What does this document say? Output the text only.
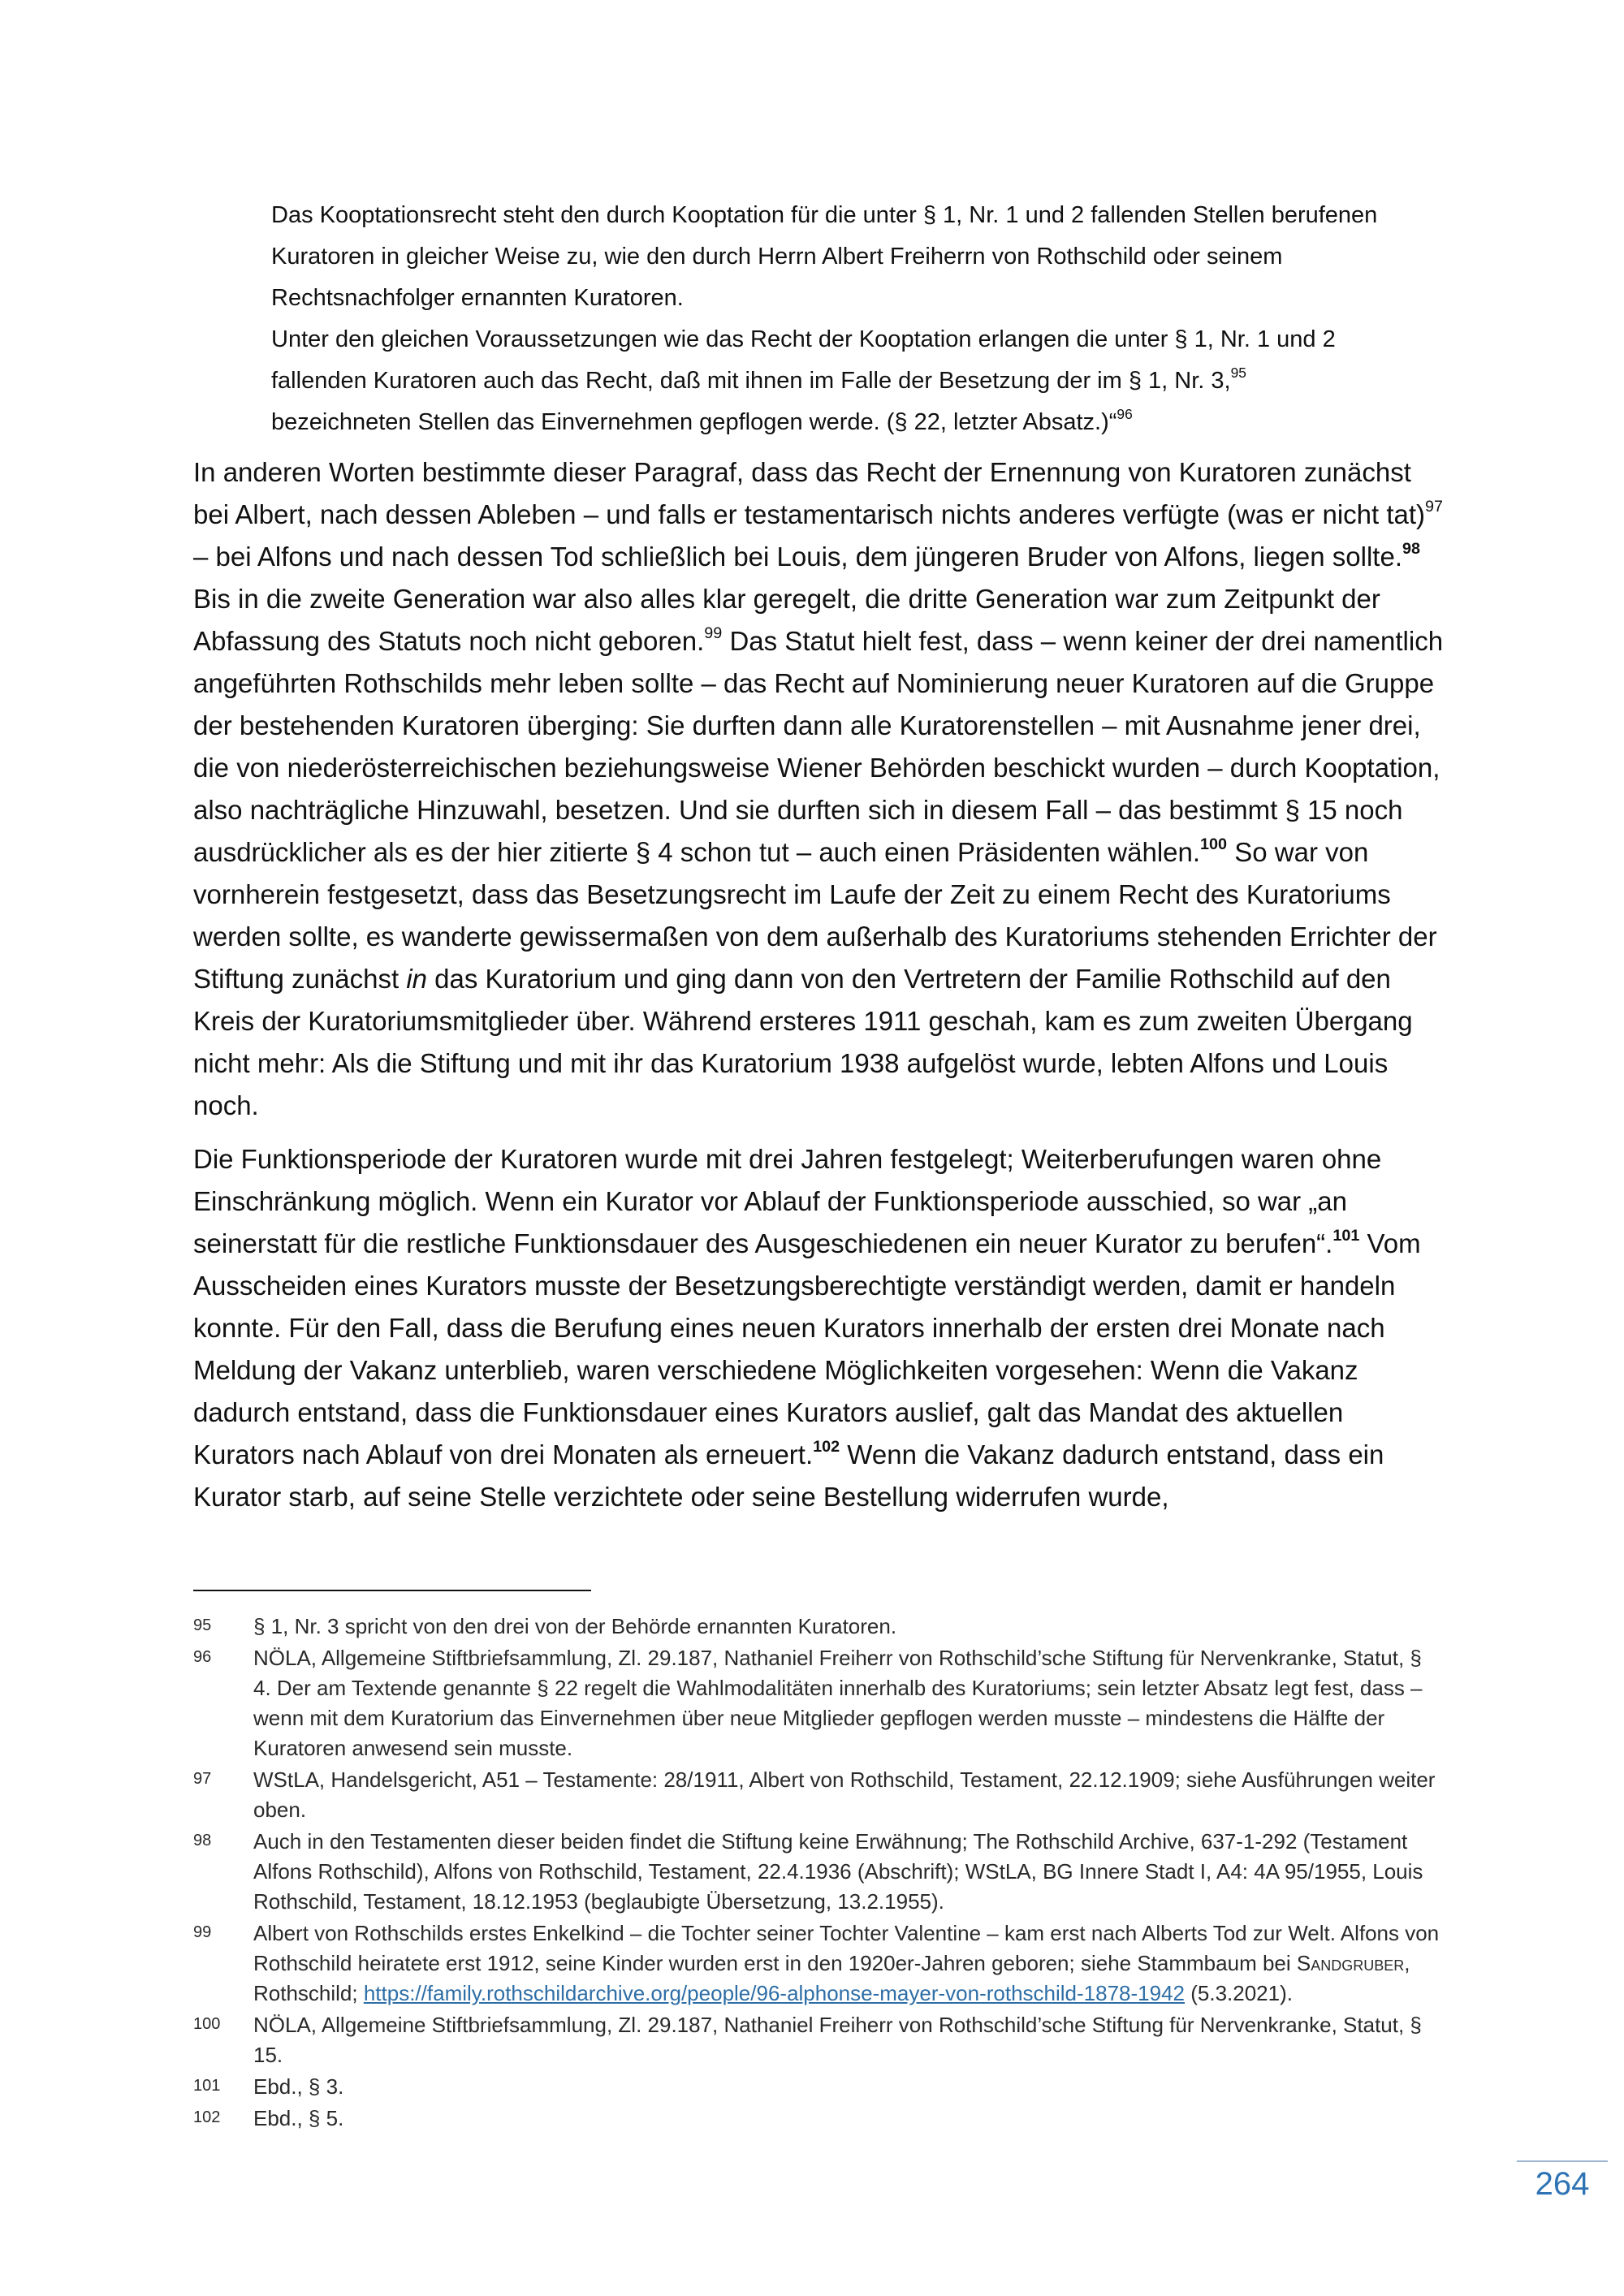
Das Kooptationsrecht steht den durch Kooptation für die unter § 1, Nr. 1 und 2 fallenden Stellen berufenen Kuratoren in gleicher Weise zu, wie den durch Herrn Albert Freiherrn von Rothschild oder seinem Rechtsnachfolger ernannten Kuratoren.

Unter den gleichen Voraussetzungen wie das Recht der Kooptation erlangen die unter § 1, Nr. 1 und 2 fallenden Kuratoren auch das Recht, daß mit ihnen im Falle der Besetzung der im § 1, Nr. 3,95 bezeichneten Stellen das Einvernehmen gepflogen werde. (§ 22, letzter Absatz.)“$^{96}$

In anderen Worten bestimmte dieser Paragraf, dass das Recht der Ernennung von Kuratoren zunächst bei Albert, nach dessen Ableben – und falls er testamentarisch nichts anderes verfügte (was er nicht tat)$^{97}$ – bei Alfons und nach dessen Tod schließlich bei Louis, dem jüngeren Bruder von Alfons, liegen sollte.$^{98}$ Bis in die zweite Generation war also alles klar geregelt, die dritte Generation war zum Zeitpunkt der Abfassung des Statuts noch nicht geboren.$^{99}$ Das Statut hielt fest, dass – wenn keiner der drei namentlich angeführten Rothschilds mehr leben sollte – das Recht auf Nominierung neuer Kuratoren auf die Gruppe der bestehenden Kuratoren überging: Sie durften dann alle Kuratorenstellen – mit Ausnahme jener drei, die von niederösterreichischen beziehungsweise Wiener Behörden beschickt wurden – durch Kooptation, also nachträgliche Hinzuwahl, besetzen. Und sie durften sich in diesem Fall – das bestimmt § 15 noch ausdrücklicher als es der hier zitierte § 4 schon tut – auch einen Präsidenten wählen.$^{100}$ So war von vornherein festgesetzt, dass das Besetzungsrecht im Laufe der Zeit zu einem Recht des Kuratoriums werden sollte, es wanderte gewissermaßen von dem außerhalb des Kuratoriums stehenden Errichter der Stiftung zunächst in das Kuratorium und ging dann von den Vertretern der Familie Rothschild auf den Kreis der Kuratoriumsmitglieder über. Während ersteres 1911 geschah, kam es zum zweiten Übergang nicht mehr: Als die Stiftung und mit ihr das Kuratorium 1938 aufgelöst wurde, lebten Alfons und Louis noch.

Die Funktionsperiode der Kuratoren wurde mit drei Jahren festgelegt; Weiterberufungen waren ohne Einschränkung möglich. Wenn ein Kurator vor Ablauf der Funktionsperiode ausschied, so war „an seinerstatt für die restliche Funktionsdauer des Ausgeschiedenen ein neuer Kurator zu berufen“.$^{101}$ Vom Ausscheiden eines Kurators musste der Besetzungsberechtigte verständigt werden, damit er handeln konnte. Für den Fall, dass die Berufung eines neuen Kurators innerhalb der ersten drei Monate nach Meldung der Vakanz unterblieb, waren verschiedene Möglichkeiten vorgesehen: Wenn die Vakanz dadurch entstand, dass die Funktionsdauer eines Kurators auslief, galt das Mandat des aktuellen Kurators nach Ablauf von drei Monaten als erneuert.$^{102}$ Wenn die Vakanz dadurch entstand, dass ein Kurator starb, auf seine Stelle verzichtete oder seine Bestellung widerrufen wurde,

95	§ 1, Nr. 3 spricht von den drei von der Behörde ernannten Kuratoren.
96	NÖLA, Allgemeine Stiftbriefsammlung, Zl. 29.187, Nathaniel Freiherr von Rothschild’sche Stiftung für Nervenkranke, Statut, § 4. Der am Textende genannte § 22 regelt die Wahlmodalitäten innerhalb des Kuratoriums; sein letzter Absatz legt fest, dass – wenn mit dem Kuratorium das Einvernehmen über neue Mitglieder gepflogen werden musste – mindestens die Hälfte der Kuratoren anwesend sein musste.
97	WStLA, Handelsgericht, A51 – Testamente: 28/1911, Albert von Rothschild, Testament, 22.12.1909; siehe Ausführungen weiter oben.
98	Auch in den Testamenten dieser beiden findet die Stiftung keine Erwähnung; The Rothschild Archive, 637-1-292 (Testament Alfons Rothschild), Alfons von Rothschild, Testament, 22.4.1936 (Abschrift); WStLA, BG Innere Stadt I, A4: 4A 95/1955, Louis Rothschild, Testament, 18.12.1953 (beglaubigte Übersetzung, 13.2.1955).
99	Albert von Rothschilds erstes Enkelkind – die Tochter seiner Tochter Valentine – kam erst nach Alberts Tod zur Welt. Alfons von Rothschild heiratete erst 1912, seine Kinder wurden erst in den 1920er-Jahren geboren; siehe Stammbaum bei Sandgruber, Rothschild; https://family.rothschildarchive.org/people/96-alphonse-mayer-von-rothschild-1878-1942 (5.3.2021).
100	NÖLA, Allgemeine Stiftbriefsammlung, Zl. 29.187, Nathaniel Freiherr von Rothschild’sche Stiftung für Nervenkranke, Statut, § 15.
101	Ebd., § 3.
102	Ebd., § 5.
264
